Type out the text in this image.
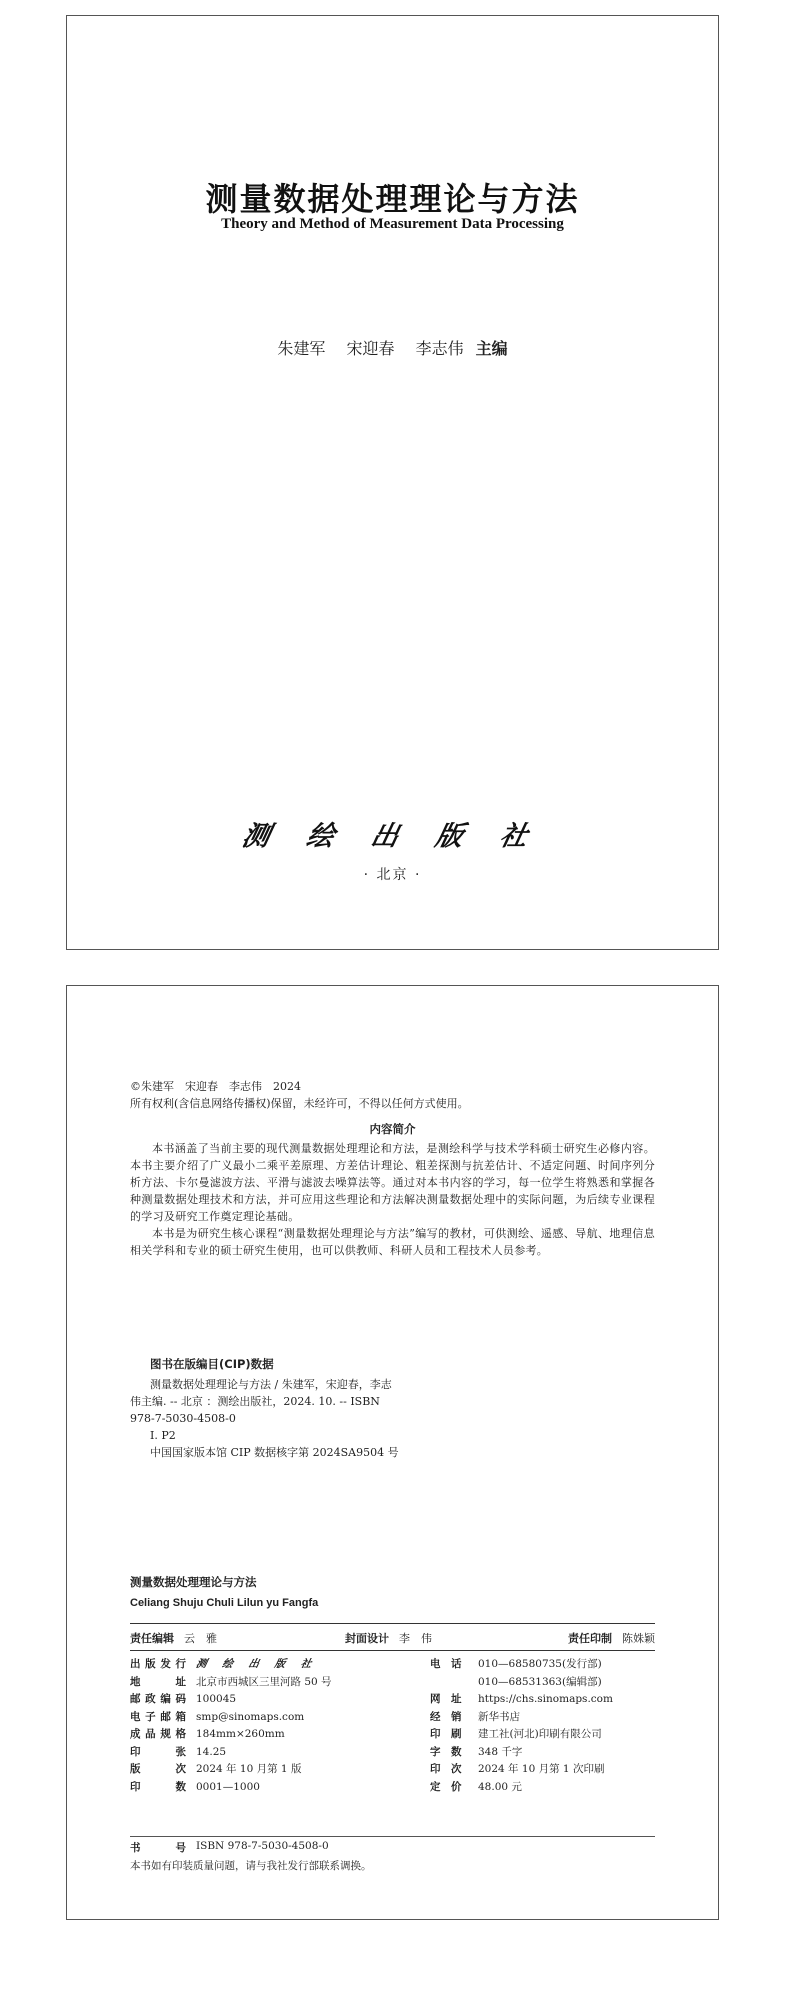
测量数据处理理论与方法
Theory and Method of Measurement Data Processing
朱建军 宋迎春 李志伟 主编
测 绘 出 版 社
· 北京 ·
©朱建军　宋迎春　李志伟　2024
所有权利(含信息网络传播权)保留，未经许可，不得以任何方式使用。
内容简介

本书涵盖了当前主要的现代测量数据处理理论和方法，是测绘科学与技术学科硕士研究生必修内容。本书主要介绍了广义最小二乘平差原理、方差估计理论、粗差探测与抗差估计、不适定问题、时间序列分析方法、卡尔曼滤波方法、平滑与滤波去噪算法等。通过对本书内容的学习，每一位学生将熟悉和掌握各种测量数据处理技术和方法，并可应用这些理论和方法解决测量数据处理中的实际问题，为后续专业课程的学习及研究工作奠定理论基础。

本书是为研究生核心课程“测量数据处理理论与方法”编写的教材，可供测绘、遥感、导航、地理信息相关学科和专业的硕士研究生使用，也可以供教师、科研人员和工程技术人员参考。

图书在版编目(CIP)数据
测量数据处理理论与方法 / 朱建军，宋迎春，李志
伟主编. -- 北京 ：测绘出版社，2024. 10. -- ISBN
978-7-5030-4508-0
Ⅰ. P2
中国国家版本馆 CIP 数据核字第 2024SA9504 号
测量数据处理理论与方法
Celiang Shuju Chuli Lilun yu Fangfa
责任编辑 云　雅	封面设计 李　伟	责任印制 陈姝颖
出版发行 测 绘 出 版 社	电　话 010—68580735(发行部)
地　　址 北京市西城区三里河路 50 号	010—68531363(编辑部)
邮政编码 100045	网　址 https://chs.sinomaps.com
电子邮箱 smp@sinomaps.com	经　销 新华书店
成品规格 184mm×260mm	印　刷 建工社(河北)印刷有限公司
印　　张 14.25	字　数 348 千字
版　　次 2024 年 10 月第 1 版	印　次 2024 年 10 月第 1 次印刷
印　　数 0001—1000	定　价 48.00 元
书　　号 ISBN 978-7-5030-4508-0
本书如有印装质量问题，请与我社发行部联系调换。
